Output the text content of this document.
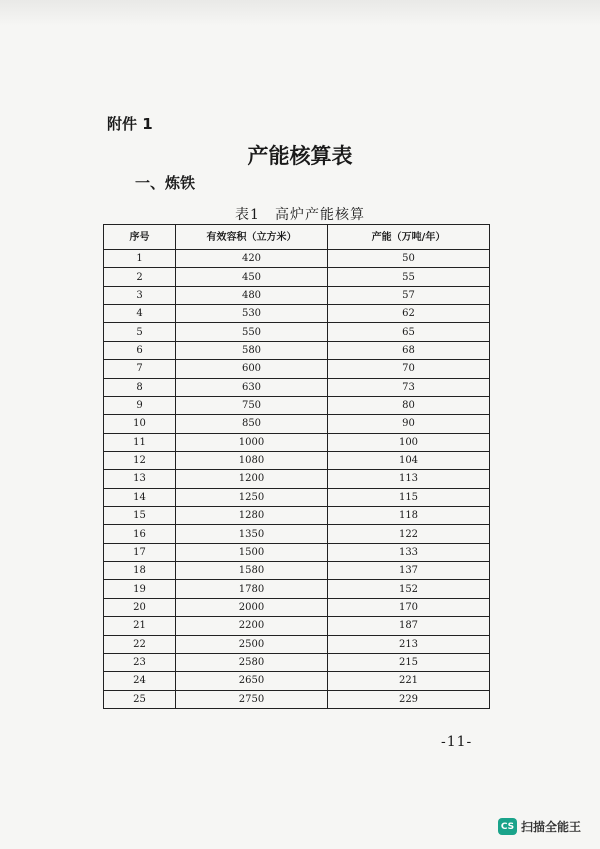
附件 1
产能核算表
一、炼铁
表1　高炉产能核算
序号	有效容积（立方米）	产能（万吨/年）
1	420	50
2	450	55
3	480	57
4	530	62
5	550	65
6	580	68
7	600	70
8	630	73
9	750	80
10	850	90
11	1000	100
12	1080	104
13	1200	113
14	1250	115
15	1280	118
16	1350	122
17	1500	133
18	1580	137
19	1780	152
20	2000	170
21	2200	187
22	2500	213
23	2580	215
24	2650	221
25	2750	229
-11-
CS 扫描全能王
